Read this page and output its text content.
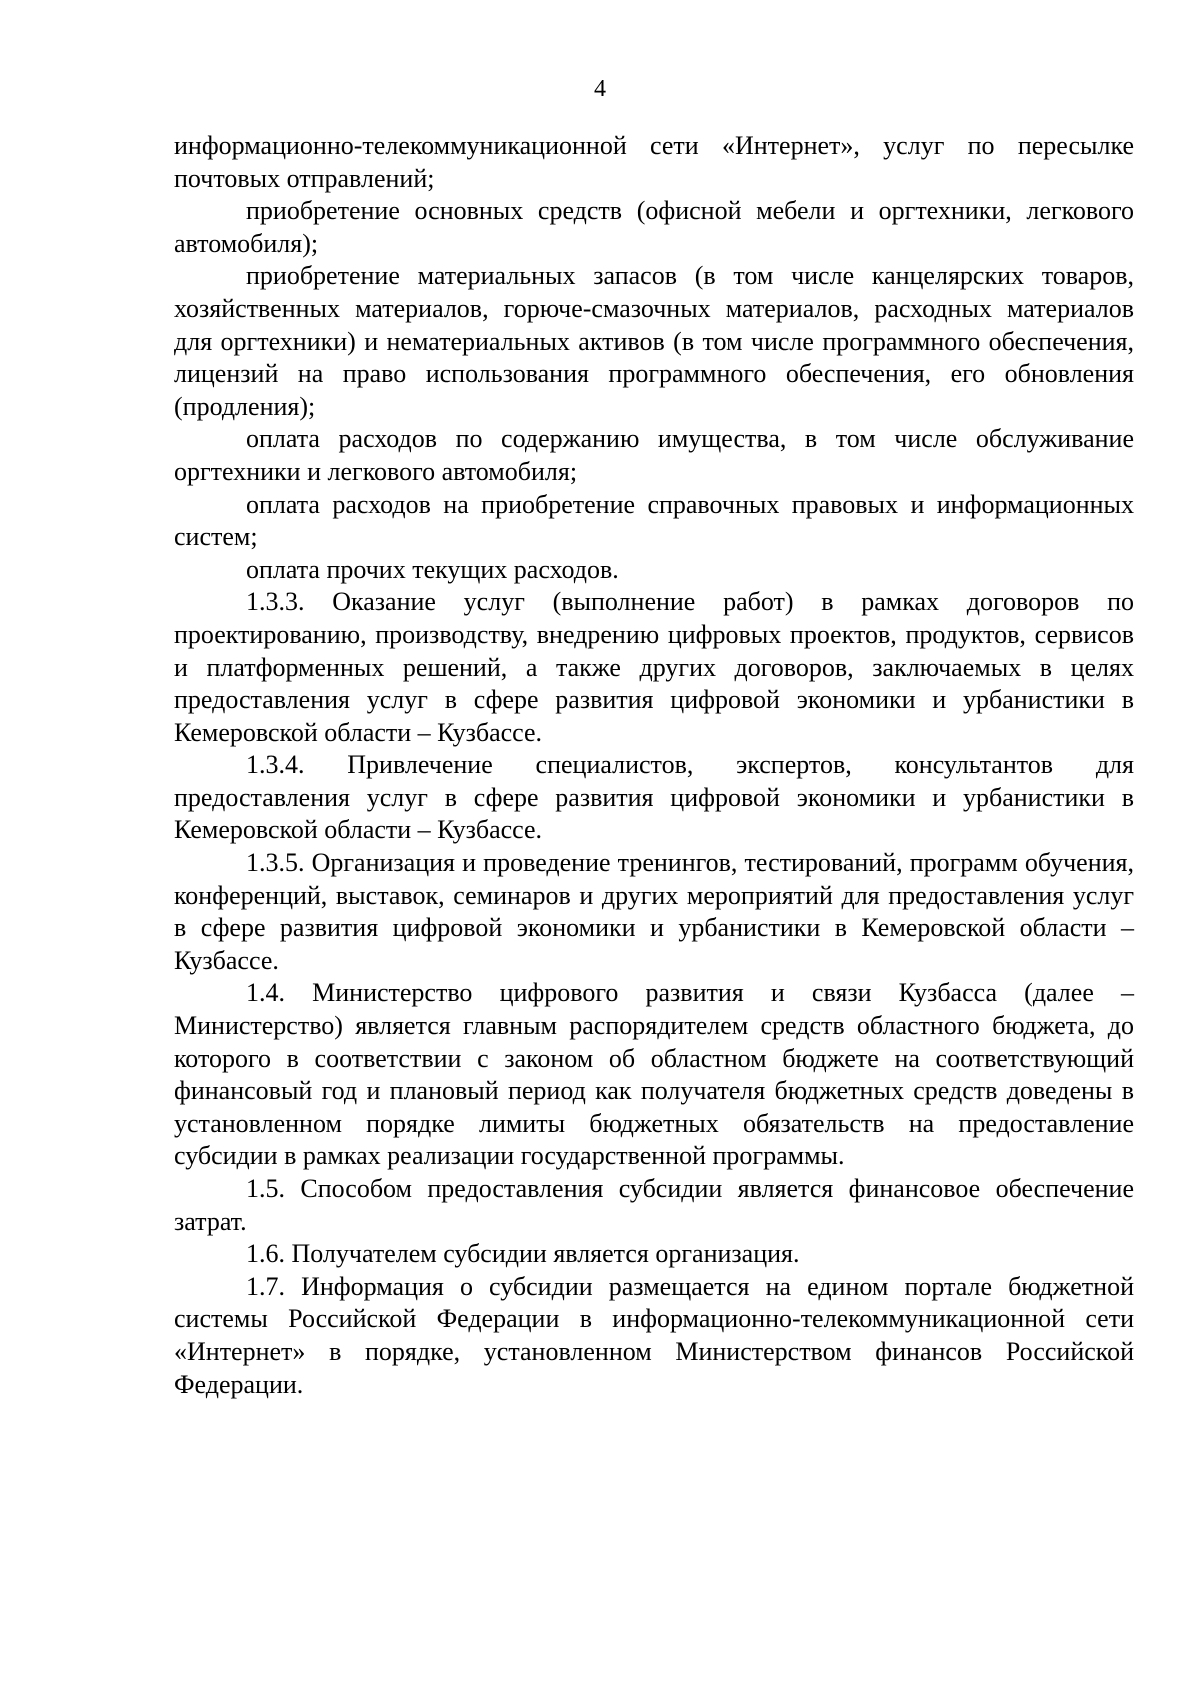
4

информационно-телекоммуникационной сети «Интернет», услуг по пересылке почтовых отправлений;

приобретение основных средств (офисной мебели и оргтехники, легкового автомобиля);

приобретение материальных запасов (в том числе канцелярских товаров, хозяйственных материалов, горюче-смазочных материалов, расходных материалов для оргтехники) и нематериальных активов (в том числе программного обеспечения, лицензий на право использования программного обеспечения, его обновления (продления);

оплата расходов по содержанию имущества, в том числе обслуживание оргтехники и легкового автомобиля;

оплата расходов на приобретение справочных правовых и информационных систем;

оплата прочих текущих расходов.

1.3.3. Оказание услуг (выполнение работ) в рамках договоров по проектированию, производству, внедрению цифровых проектов, продуктов, сервисов и платформенных решений, а также других договоров, заключаемых в целях предоставления услуг в сфере развития цифровой экономики и урбанистики в Кемеровской области – Кузбассе.

1.3.4. Привлечение специалистов, экспертов, консультантов для предоставления услуг в сфере развития цифровой экономики и урбанистики в Кемеровской области – Кузбассе.

1.3.5. Организация и проведение тренингов, тестирований, программ обучения, конференций, выставок, семинаров и других мероприятий для предоставления услуг в сфере развития цифровой экономики и урбанистики в Кемеровской области – Кузбассе.

1.4. Министерство цифрового развития и связи Кузбасса (далее – Министерство) является главным распорядителем средств областного бюджета, до которого в соответствии с законом об областном бюджете на соответствующий финансовый год и плановый период как получателя бюджетных средств доведены в установленном порядке лимиты бюджетных обязательств на предоставление субсидии в рамках реализации государственной программы.

1.5. Способом предоставления субсидии является финансовое обеспечение затрат.

1.6. Получателем субсидии является организация.

1.7. Информация о субсидии размещается на едином портале бюджетной системы Российской Федерации в информационно-телекоммуникационной сети «Интернет» в порядке, установленном Министерством финансов Российской Федерации.
